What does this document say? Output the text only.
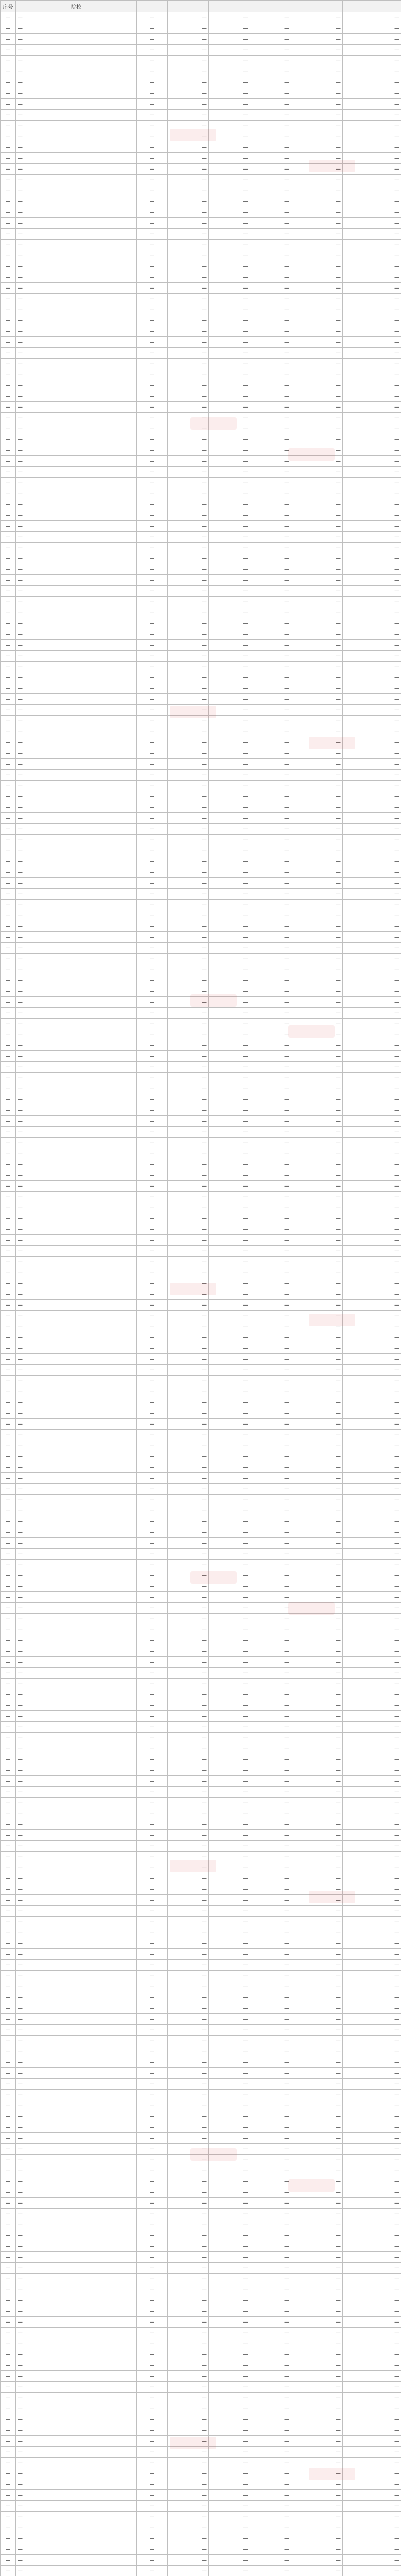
序号	院校						
—	—	—	—	—	—	—	—
—	—	—	—	—	—	—	—
—	—	—	—	—	—	—	—
—	—	—	—	—	—	—	—
—	—	—	—	—	—	—	—
—	—	—	—	—	—	—	—
—	—	—	—	—	—	—	—
—	—	—	—	—	—	—	—
—	—	—	—	—	—	—	—
—	—	—	—	—	—	—	—
—	—	—	—	—	—	—	—
—	—	—	—	—	—	—	—
—	—	—	—	—	—	—	—
—	—	—	—	—	—	—	—
—	—	—	—	—	—	—	—
—	—	—	—	—	—	—	—
—	—	—	—	—	—	—	—
—	—	—	—	—	—	—	—
—	—	—	—	—	—	—	—
—	—	—	—	—	—	—	—
—	—	—	—	—	—	—	—
—	—	—	—	—	—	—	—
—	—	—	—	—	—	—	—
—	—	—	—	—	—	—	—
—	—	—	—	—	—	—	—
—	—	—	—	—	—	—	—
—	—	—	—	—	—	—	—
—	—	—	—	—	—	—	—
—	—	—	—	—	—	—	—
—	—	—	—	—	—	—	—
—	—	—	—	—	—	—	—
—	—	—	—	—	—	—	—
—	—	—	—	—	—	—	—
—	—	—	—	—	—	—	—
—	—	—	—	—	—	—	—
—	—	—	—	—	—	—	—
—	—	—	—	—	—	—	—
—	—	—	—	—	—	—	—
—	—	—	—	—	—	—	—
—	—	—	—	—	—	—	—
—	—	—	—	—	—	—	—
—	—	—	—	—	—	—	—
—	—	—	—	—	—	—	—
—	—	—	—	—	—	—	—
—	—	—	—	—	—	—	—
—	—	—	—	—	—	—	—
—	—	—	—	—	—	—	—
—	—	—	—	—	—	—	—
—	—	—	—	—	—	—	—
—	—	—	—	—	—	—	—
—	—	—	—	—	—	—	—
—	—	—	—	—	—	—	—
—	—	—	—	—	—	—	—
—	—	—	—	—	—	—	—
—	—	—	—	—	—	—	—
—	—	—	—	—	—	—	—
—	—	—	—	—	—	—	—
—	—	—	—	—	—	—	—
—	—	—	—	—	—	—	—
—	—	—	—	—	—	—	—
—	—	—	—	—	—	—	—
—	—	—	—	—	—	—	—
—	—	—	—	—	—	—	—
—	—	—	—	—	—	—	—
—	—	—	—	—	—	—	—
—	—	—	—	—	—	—	—
—	—	—	—	—	—	—	—
—	—	—	—	—	—	—	—
—	—	—	—	—	—	—	—
—	—	—	—	—	—	—	—
—	—	—	—	—	—	—	—
—	—	—	—	—	—	—	—
—	—	—	—	—	—	—	—
—	—	—	—	—	—	—	—
—	—	—	—	—	—	—	—
—	—	—	—	—	—	—	—
—	—	—	—	—	—	—	—
—	—	—	—	—	—	—	—
—	—	—	—	—	—	—	—
—	—	—	—	—	—	—	—
—	—	—	—	—	—	—	—
—	—	—	—	—	—	—	—
—	—	—	—	—	—	—	—
—	—	—	—	—	—	—	—
—	—	—	—	—	—	—	—
—	—	—	—	—	—	—	—
—	—	—	—	—	—	—	—
—	—	—	—	—	—	—	—
—	—	—	—	—	—	—	—
—	—	—	—	—	—	—	—
—	—	—	—	—	—	—	—
—	—	—	—	—	—	—	—
—	—	—	—	—	—	—	—
—	—	—	—	—	—	—	—
—	—	—	—	—	—	—	—
—	—	—	—	—	—	—	—
—	—	—	—	—	—	—	—
—	—	—	—	—	—	—	—
—	—	—	—	—	—	—	—
—	—	—	—	—	—	—	—
—	—	—	—	—	—	—	—
—	—	—	—	—	—	—	—
—	—	—	—	—	—	—	—
—	—	—	—	—	—	—	—
—	—	—	—	—	—	—	—
—	—	—	—	—	—	—	—
—	—	—	—	—	—	—	—
—	—	—	—	—	—	—	—
—	—	—	—	—	—	—	—
—	—	—	—	—	—	—	—
—	—	—	—	—	—	—	—
—	—	—	—	—	—	—	—
—	—	—	—	—	—	—	—
—	—	—	—	—	—	—	—
—	—	—	—	—	—	—	—
—	—	—	—	—	—	—	—
—	—	—	—	—	—	—	—
—	—	—	—	—	—	—	—
—	—	—	—	—	—	—	—
—	—	—	—	—	—	—	—
—	—	—	—	—	—	—	—
—	—	—	—	—	—	—	—
—	—	—	—	—	—	—	—
—	—	—	—	—	—	—	—
—	—	—	—	—	—	—	—
—	—	—	—	—	—	—	—
—	—	—	—	—	—	—	—
—	—	—	—	—	—	—	—
—	—	—	—	—	—	—	—
—	—	—	—	—	—	—	—
—	—	—	—	—	—	—	—
—	—	—	—	—	—	—	—
—	—	—	—	—	—	—	—
—	—	—	—	—	—	—	—
—	—	—	—	—	—	—	—
—	—	—	—	—	—	—	—
—	—	—	—	—	—	—	—
—	—	—	—	—	—	—	—
—	—	—	—	—	—	—	—
—	—	—	—	—	—	—	—
—	—	—	—	—	—	—	—
—	—	—	—	—	—	—	—
—	—	—	—	—	—	—	—
—	—	—	—	—	—	—	—
—	—	—	—	—	—	—	—
—	—	—	—	—	—	—	—
—	—	—	—	—	—	—	—
—	—	—	—	—	—	—	—
—	—	—	—	—	—	—	—
—	—	—	—	—	—	—	—
—	—	—	—	—	—	—	—
—	—	—	—	—	—	—	—
—	—	—	—	—	—	—	—
—	—	—	—	—	—	—	—
—	—	—	—	—	—	—	—
—	—	—	—	—	—	—	—
—	—	—	—	—	—	—	—
—	—	—	—	—	—	—	—
—	—	—	—	—	—	—	—
—	—	—	—	—	—	—	—
—	—	—	—	—	—	—	—
—	—	—	—	—	—	—	—
—	—	—	—	—	—	—	—
—	—	—	—	—	—	—	—
—	—	—	—	—	—	—	—
—	—	—	—	—	—	—	—
—	—	—	—	—	—	—	—
—	—	—	—	—	—	—	—
—	—	—	—	—	—	—	—
—	—	—	—	—	—	—	—
—	—	—	—	—	—	—	—
—	—	—	—	—	—	—	—
—	—	—	—	—	—	—	—
—	—	—	—	—	—	—	—
—	—	—	—	—	—	—	—
—	—	—	—	—	—	—	—
—	—	—	—	—	—	—	—
—	—	—	—	—	—	—	—
—	—	—	—	—	—	—	—
—	—	—	—	—	—	—	—
—	—	—	—	—	—	—	—
—	—	—	—	—	—	—	—
—	—	—	—	—	—	—	—
—	—	—	—	—	—	—	—
—	—	—	—	—	—	—	—
—	—	—	—	—	—	—	—
—	—	—	—	—	—	—	—
—	—	—	—	—	—	—	—
—	—	—	—	—	—	—	—
—	—	—	—	—	—	—	—
—	—	—	—	—	—	—	—
—	—	—	—	—	—	—	—
—	—	—	—	—	—	—	—
—	—	—	—	—	—	—	—
—	—	—	—	—	—	—	—
—	—	—	—	—	—	—	—
—	—	—	—	—	—	—	—
—	—	—	—	—	—	—	—
—	—	—	—	—	—	—	—
—	—	—	—	—	—	—	—
—	—	—	—	—	—	—	—
—	—	—	—	—	—	—	—
—	—	—	—	—	—	—	—
—	—	—	—	—	—	—	—
—	—	—	—	—	—	—	—
—	—	—	—	—	—	—	—
—	—	—	—	—	—	—	—
—	—	—	—	—	—	—	—
—	—	—	—	—	—	—	—
—	—	—	—	—	—	—	—
—	—	—	—	—	—	—	—
—	—	—	—	—	—	—	—
—	—	—	—	—	—	—	—
—	—	—	—	—	—	—	—
—	—	—	—	—	—	—	—
—	—	—	—	—	—	—	—
—	—	—	—	—	—	—	—
—	—	—	—	—	—	—	—
—	—	—	—	—	—	—	—
—	—	—	—	—	—	—	—
—	—	—	—	—	—	—	—
—	—	—	—	—	—	—	—
—	—	—	—	—	—	—	—
—	—	—	—	—	—	—	—
—	—	—	—	—	—	—	—
—	—	—	—	—	—	—	—
—	—	—	—	—	—	—	—
—	—	—	—	—	—	—	—
—	—	—	—	—	—	—	—
—	—	—	—	—	—	—	—
—	—	—	—	—	—	—	—
—	—	—	—	—	—	—	—
—	—	—	—	—	—	—	—
—	—	—	—	—	—	—	—
—	—	—	—	—	—	—	—
—	—	—	—	—	—	—	—
—	—	—	—	—	—	—	—
